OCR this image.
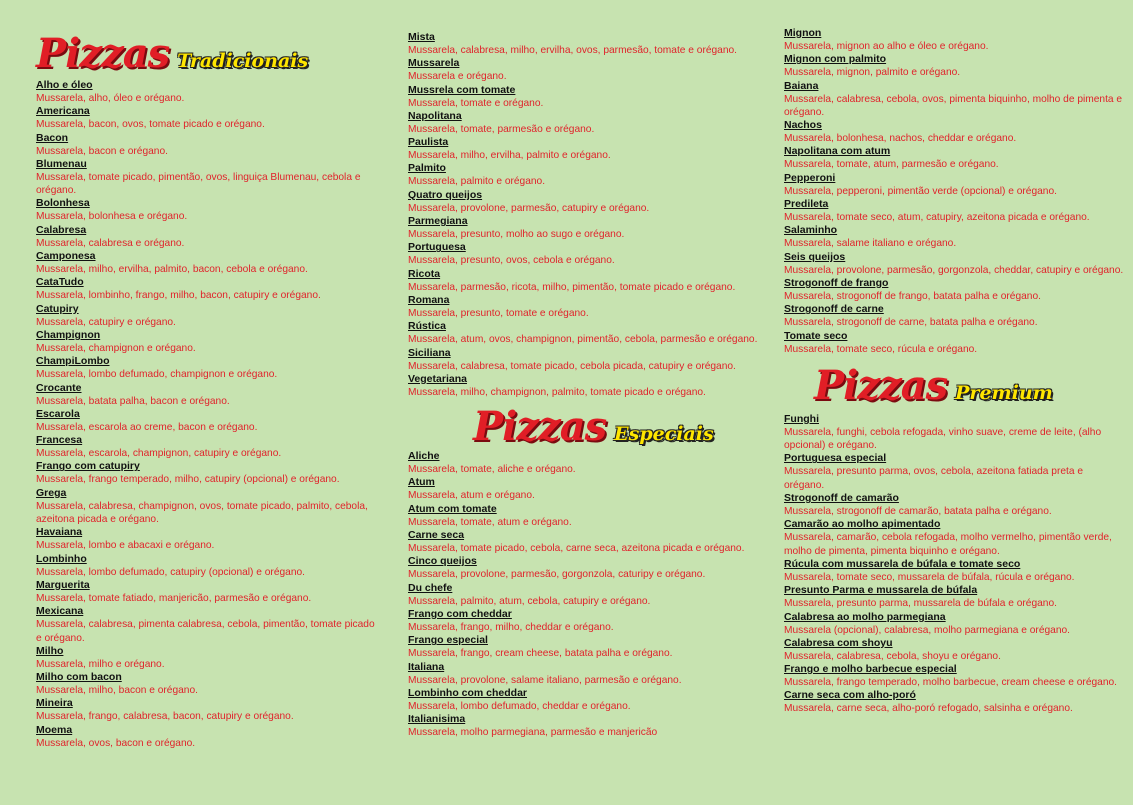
Pizzas Tradicionais
Alho e óleo
Mussarela, alho, óleo e orégano.
Americana
Mussarela, bacon, ovos, tomate picado e orégano.
Bacon
Mussarela, bacon e orégano.
Blumenau
Mussarela, tomate picado, pimentão, ovos, linguiça Blumenau, cebola e orégano.
Bolonhesa
Mussarela, bolonhesa e orégano.
Calabresa
Mussarela, calabresa e orégano.
Camponesa
Mussarela, milho, ervilha, palmito, bacon, cebola e orégano.
CataTudo
Mussarela, lombinho, frango, milho, bacon, catupiry e orégano.
Catupiry
Mussarela, catupiry e orégano.
Champignon
Mussarela, champignon e orégano.
ChampiLombo
Mussarela, lombo defumado, champignon e orégano.
Crocante
Mussarela, batata palha, bacon e orégano.
Escarola
Mussarela, escarola ao creme, bacon e orégano.
Francesa
Mussarela, escarola, champignon, catupiry e orégano.
Frango com catupiry
Mussarela, frango temperado, milho, catupiry (opcional) e orégano.
Grega
Mussarela, calabresa, champignon, ovos, tomate picado, palmito, cebola, azeitona picada e orégano.
Havaiana
Mussarela, lombo e abacaxi e orégano.
Lombinho
Mussarela, lombo defumado, catupiry (opcional) e orégano.
Marguerita
Mussarela, tomate fatiado, manjericão, parmesão e orégano.
Mexicana
Mussarela, calabresa, pimenta calabresa, cebola, pimentão, tomate picado e orégano.
Milho
Mussarela, milho e orégano.
Milho com bacon
Mussarela, milho, bacon e orégano.
Mineira
Mussarela, frango, calabresa, bacon, catupiry e orégano.
Moema
Mussarela, ovos, bacon e orégano.
Mista
Mussarela, calabresa, milho, ervilha, ovos, parmesão, tomate e orégano.
Mussarela
Mussarela e orégano.
Mussrela com tomate
Mussarela, tomate e orégano.
Napolitana
Mussarela, tomate, parmesão e orégano.
Paulista
Mussarela, milho, ervilha, palmito e orégano.
Palmito
Mussarela, palmito e orégano.
Quatro queijos
Mussarela, provolone, parmesão, catupiry e orégano.
Parmegiana
Mussarela, presunto, molho ao sugo e orégano.
Portuguesa
Mussarela, presunto, ovos, cebola e orégano.
Ricota
Mussarela, parmesão, ricota, milho, pimentão, tomate picado e orégano.
Romana
Mussarela, presunto, tomate e orégano.
Rústica
Mussarela, atum, ovos, champignon, pimentão, cebola, parmesão e orégano.
Siciliana
Mussarela, calabresa, tomate picado, cebola picada, catupiry e orégano.
Vegetariana
Mussarela, milho, champignon, palmito, tomate picado e orégano.
Pizzas Especiais
Aliche
Mussarela, tomate, aliche e orégano.
Atum
Mussarela, atum e orégano.
Atum com tomate
Mussarela, tomate, atum e orégano.
Carne seca
Mussarela, tomate picado, cebola, carne seca, azeitona picada e orégano.
Cinco queijos
Mussarela, provolone, parmesão, gorgonzola, caturipy e orégano.
Du chefe
Mussarela, palmito, atum, cebola, catupiry e orégano.
Frango com cheddar
Mussarela, frango, milho, cheddar e orégano.
Frango especial
Mussarela, frango, cream cheese, batata palha e orégano.
Italiana
Mussarela, provolone, salame italiano, parmesão e orégano.
Lombinho com cheddar
Mussarela, lombo defumado, cheddar e orégano.
Italianisima
Mussarela, molho parmegiana, parmesão e manjericão
Mignon
Mussarela, mignon ao alho e óleo e orégano.
Mignon com palmito
Mussarela, mignon, palmito e orégano.
Baiana
Mussarela, calabresa, cebola, ovos, pimenta biquinho, molho de pimenta e orégano.
Nachos
Mussarela, bolonhesa, nachos, cheddar e orégano.
Napolitana com atum
Mussarela, tomate, atum, parmesão e orégano.
Pepperoni
Mussarela, pepperoni, pimentão verde (opcional) e orégano.
Predileta
Mussarela, tomate seco, atum, catupiry, azeitona picada e orégano.
Salaminho
Mussarela, salame italiano e orégano.
Seis queijos
Mussarela, provolone, parmesão, gorgonzola, cheddar, catupiry e orégano.
Strogonoff de frango
Mussarela, strogonoff de frango, batata palha e orégano.
Strogonoff de carne
Mussarela, strogonoff de carne, batata palha e orégano.
Tomate seco
Mussarela, tomate seco, rúcula e orégano.
Pizzas Premium
Funghi
Mussarela, funghi, cebola refogada, vinho suave, creme de leite, (alho opcional) e orégano.
Portuguesa especial
Mussarela, presunto parma, ovos, cebola, azeitona fatiada preta e orégano.
Strogonoff de camarão
Mussarela, strogonoff de camarão, batata palha e orégano.
Camarão ao molho apimentado
Mussarela, camarão, cebola refogada, molho vermelho, pimentão verde, molho de pimenta, pimenta biquinho e orégano.
Rúcula com mussarela de búfala e tomate seco
Mussarela, tomate seco, mussarela de búfala, rúcula e orégano.
Presunto Parma e mussarela de búfala
Mussarela, presunto parma, mussarela de búfala e orégano.
Calabresa ao molho parmegiana
Mussarela (opcional), calabresa, molho parmegiana e orégano.
Calabresa com shoyu
Mussarela, calabresa, cebola, shoyu e orégano.
Frango e molho barbecue especial
Mussarela, frango temperado, molho barbecue, cream cheese e orégano.
Carne seca com alho-poró
Mussarela, carne seca, alho-poró refogado, salsinha e orégano.
